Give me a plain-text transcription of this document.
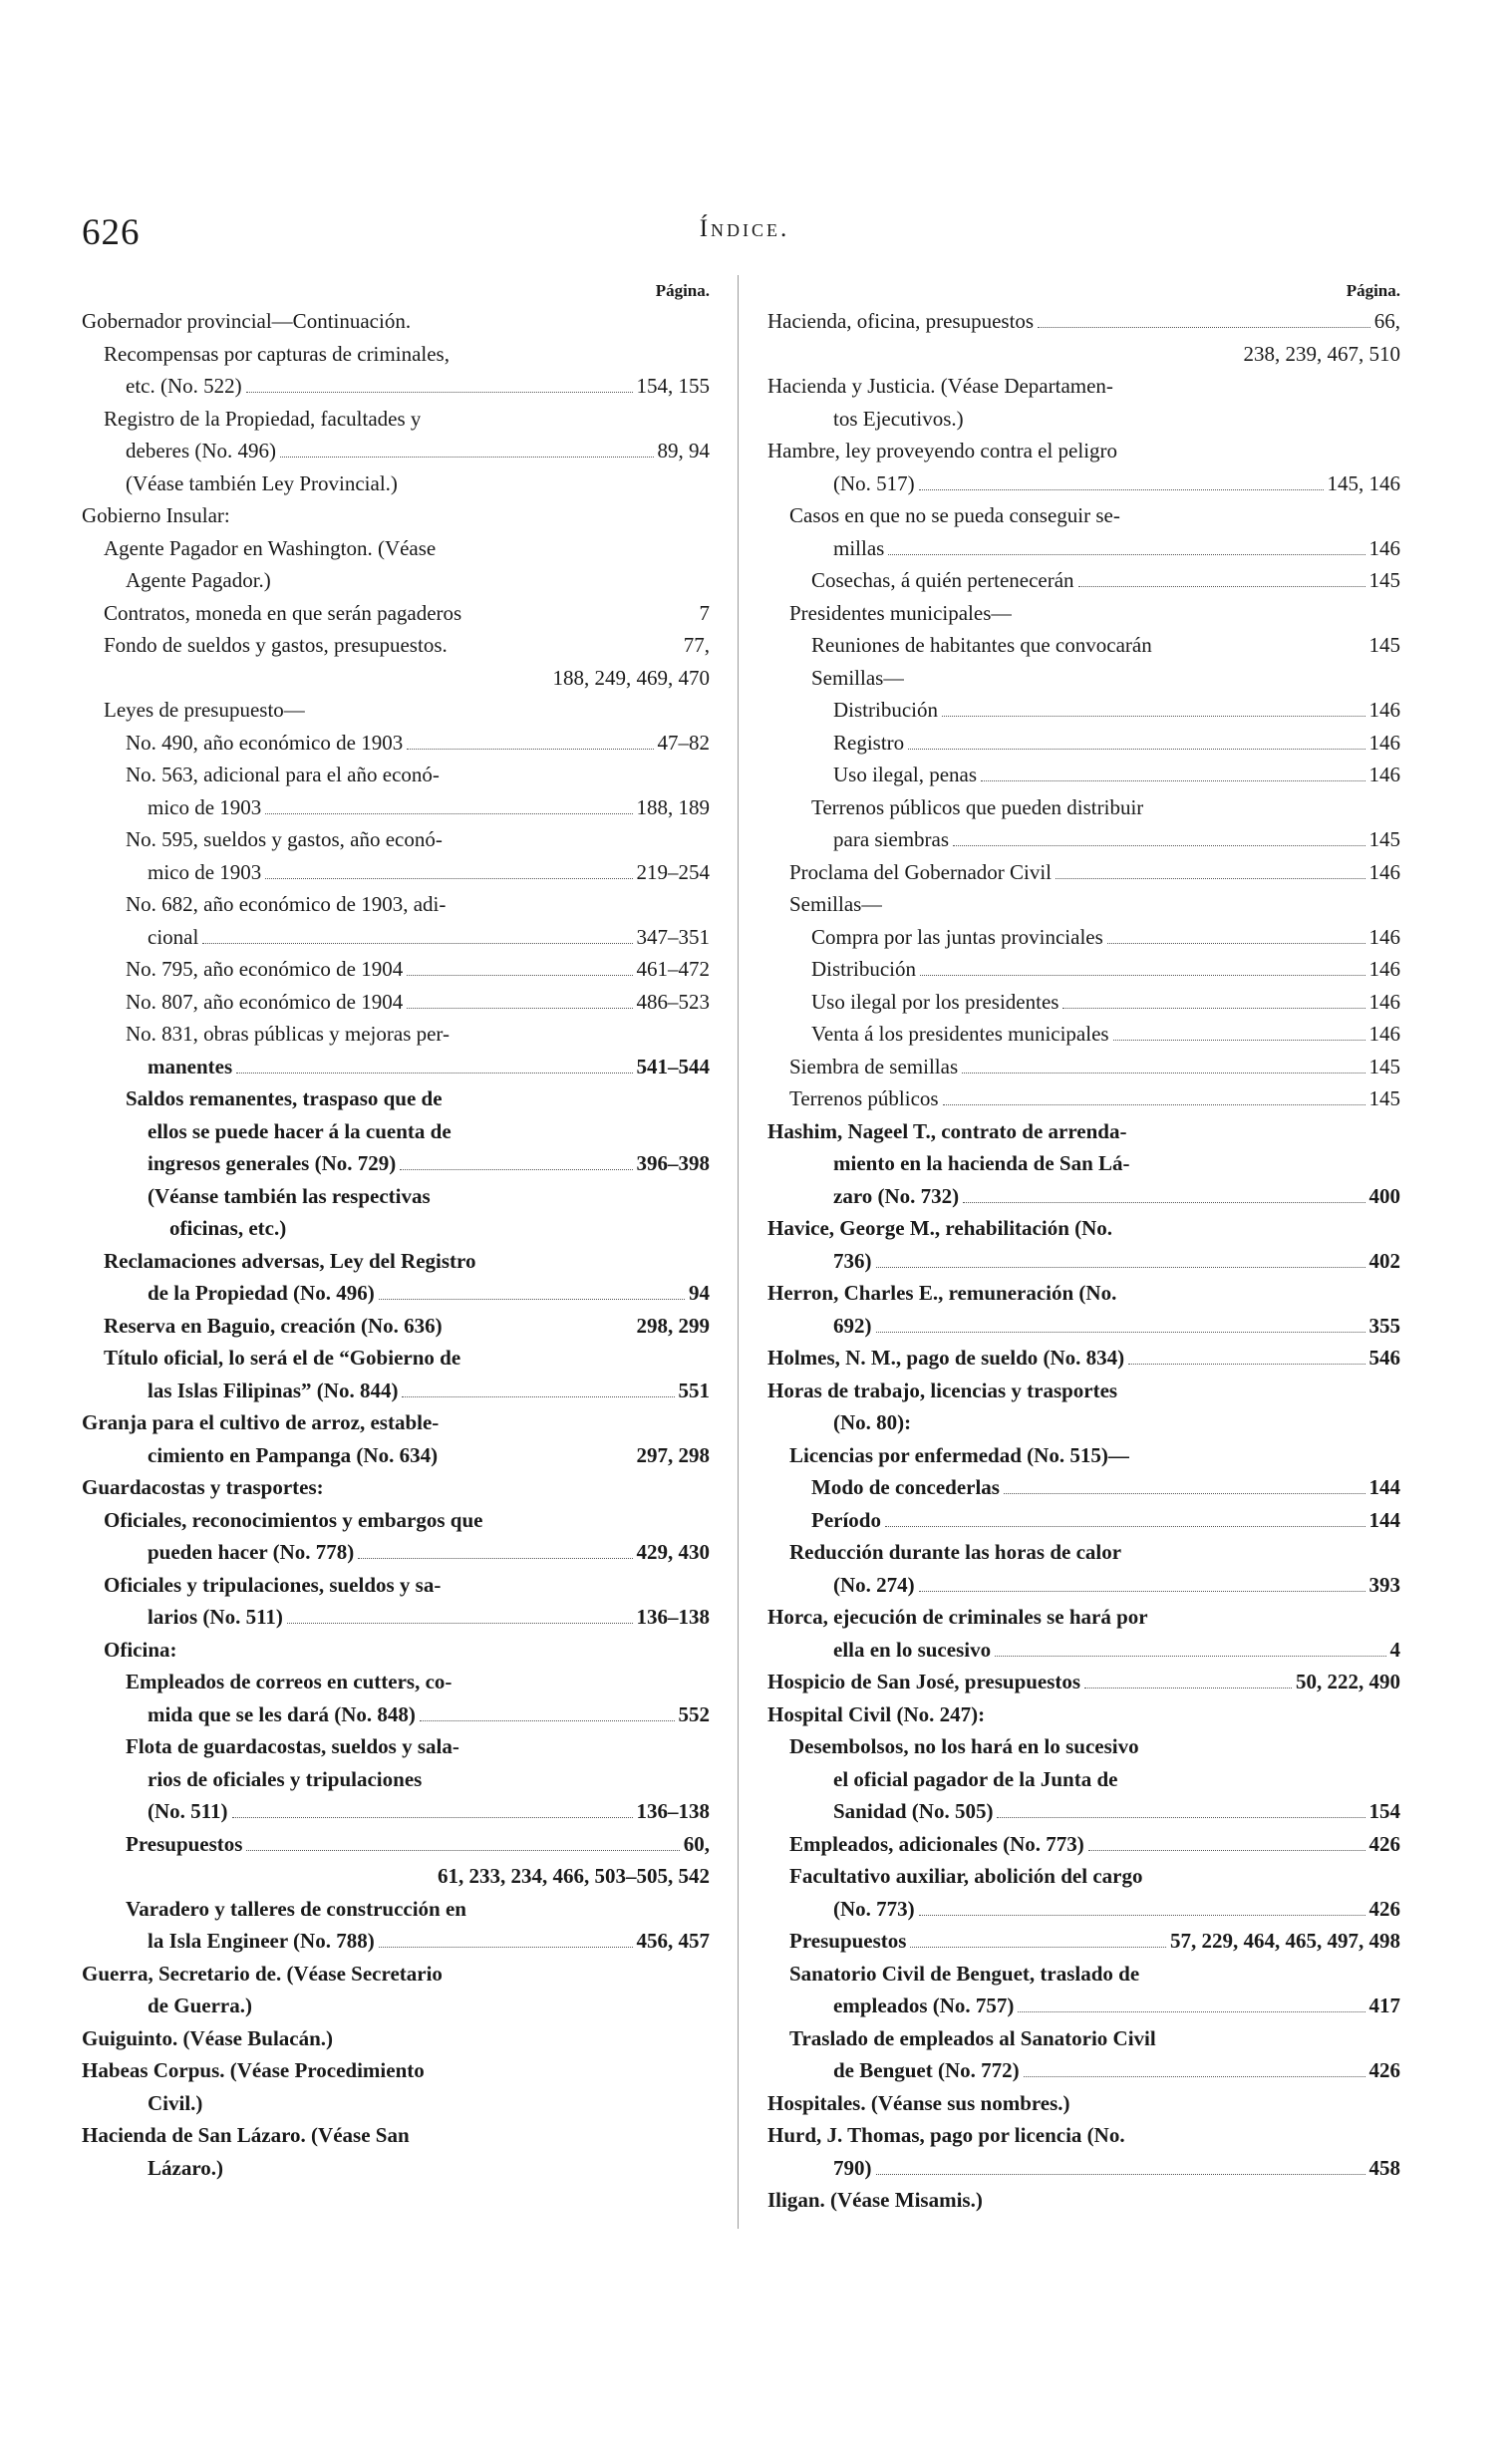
626	Índice.
Página.
Gobernador provincial—Continuación.
Recompensas por capturas de criminales,
etc. (No. 522)	154, 155
Registro de la Propiedad, facultades y
deberes (No. 496)	89, 94
(Véase también Ley Provincial.)
Gobierno Insular:
Agente Pagador en Washington. (Véase
Agente Pagador.)
Contratos, moneda en que serán pagaderos	7
Fondo de sueldos y gastos, presupuestos.	77,
188, 249, 469, 470
Leyes de presupuesto—
No. 490, año económico de 1903	47–82
No. 563, adicional para el año econó-
mico de 1903	188, 189
No. 595, sueldos y gastos, año econó-
mico de 1903	219–254
No. 682, año económico de 1903, adi-
cional	347–351
No. 795, año económico de 1904	461–472
No. 807, año económico de 1904	486–523
No. 831, obras públicas y mejoras per-
manentes	541–544
Saldos remanentes, traspaso que de
ellos se puede hacer á la cuenta de
ingresos generales (No. 729)	396–398
(Véanse también las respectivas
oficinas, etc.)
Reclamaciones adversas, Ley del Registro
de la Propiedad (No. 496)	94
Reserva en Baguio, creación (No. 636)	298, 299
Título oficial, lo será el de “Gobierno de
las Islas Filipinas” (No. 844)	551
Granja para el cultivo de arroz, estable-
cimiento en Pampanga (No. 634)	297, 298
Guardacostas y trasportes:
Oficiales, reconocimientos y embargos que
pueden hacer (No. 778)	429, 430
Oficiales y tripulaciones, sueldos y sa-
larios (No. 511)	136–138
Oficina:
Empleados de correos en cutters, co-
mida que se les dará (No. 848)	552
Flota de guardacostas, sueldos y sala-
rios de oficiales y tripulaciones
(No. 511)	136–138
Presupuestos	60,
61, 233, 234, 466, 503–505, 542
Varadero y talleres de construcción en
la Isla Engineer (No. 788)	456, 457
Guerra, Secretario de. (Véase Secretario
de Guerra.)
Guiguinto. (Véase Bulacán.)
Habeas Corpus. (Véase Procedimiento
Civil.)
Hacienda de San Lázaro. (Véase San
Lázaro.)
Página.
Hacienda, oficina, presupuestos	66,
238, 239, 467, 510
Hacienda y Justicia. (Véase Departamen-
tos Ejecutivos.)
Hambre, ley proveyendo contra el peligro
(No. 517)	145, 146
Casos en que no se pueda conseguir se-
millas	146
Cosechas, á quién pertenecerán	145
Presidentes municipales—
Reuniones de habitantes que convocarán	145
Semillas—
Distribución	146
Registro	146
Uso ilegal, penas	146
Terrenos públicos que pueden distribuir
para siembras	145
Proclama del Gobernador Civil	146
Semillas—
Compra por las juntas provinciales	146
Distribución	146
Uso ilegal por los presidentes	146
Venta á los presidentes municipales	146
Siembra de semillas	145
Terrenos públicos	145
Hashim, Nageel T., contrato de arrenda-
miento en la hacienda de San Lá-
zaro (No. 732)	400
Havice, George M., rehabilitación (No.
736)	402
Herron, Charles E., remuneración (No.
692)	355
Holmes, N. M., pago de sueldo (No. 834)	546
Horas de trabajo, licencias y trasportes
(No. 80):
Licencias por enfermedad (No. 515)—
Modo de concederlas	144
Período	144
Reducción durante las horas de calor
(No. 274)	393
Horca, ejecución de criminales se hará por
ella en lo sucesivo	4
Hospicio de San José, presupuestos	50, 222, 490
Hospital Civil (No. 247):
Desembolsos, no los hará en lo sucesivo
el oficial pagador de la Junta de
Sanidad (No. 505)	154
Empleados, adicionales (No. 773)	426
Facultativo auxiliar, abolición del cargo
(No. 773)	426
Presupuestos	57, 229, 464, 465, 497, 498
Sanatorio Civil de Benguet, traslado de
empleados (No. 757)	417
Traslado de empleados al Sanatorio Civil
de Benguet (No. 772)	426
Hospitales. (Véanse sus nombres.)
Hurd, J. Thomas, pago por licencia (No.
790)	458
Iligan. (Véase Misamis.)
